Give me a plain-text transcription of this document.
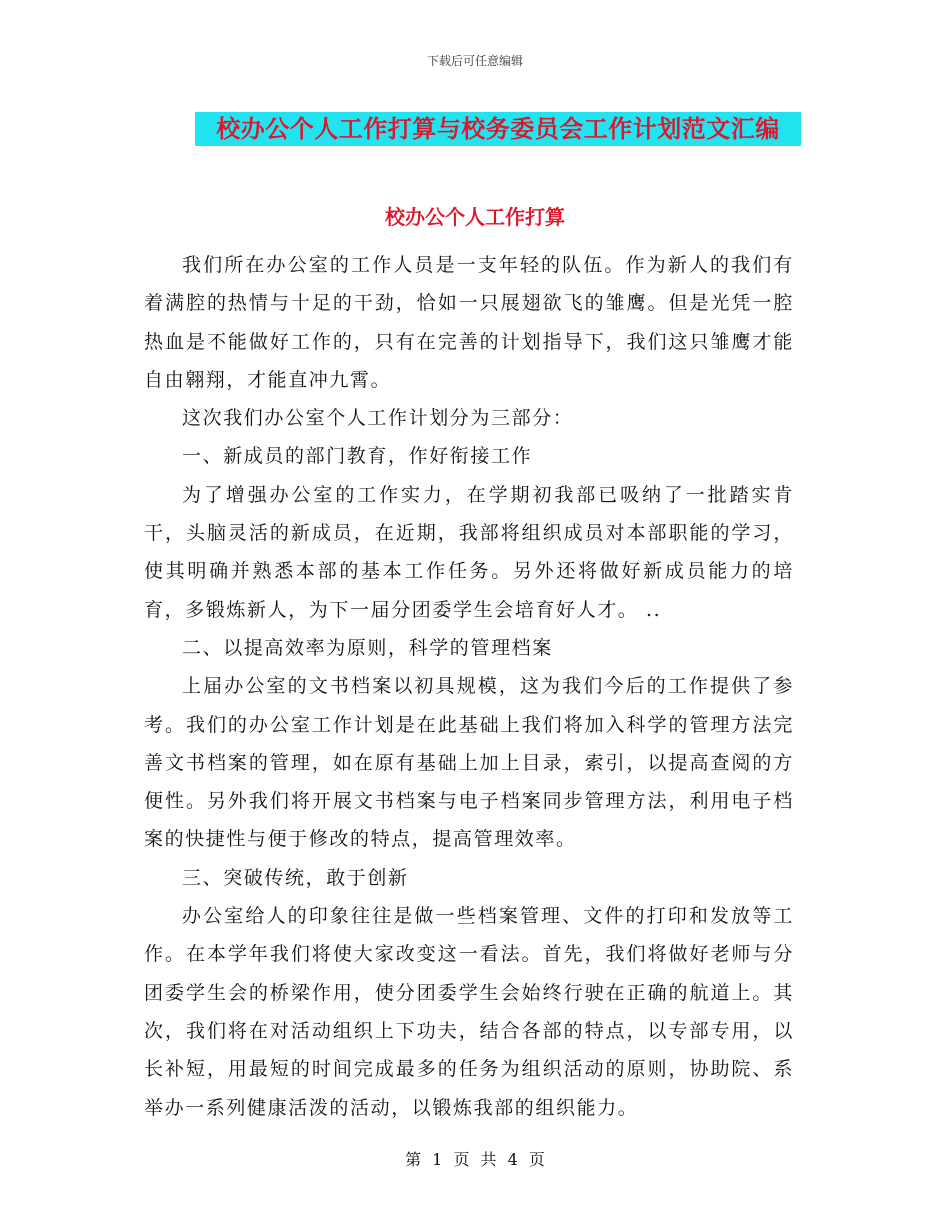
下载后可任意编辑
校办公个人工作打算与校务委员会工作计划范文汇编
校办公个人工作打算

我们所在办公室的工作人员是一支年轻的队伍。作为新人的我们有着满腔的热情与十足的干劲，恰如一只展翅欲飞的雏鹰。但是光凭一腔热血是不能做好工作的，只有在完善的计划指导下，我们这只雏鹰才能自由翱翔，才能直冲九霄。

这次我们办公室个人工作计划分为三部分：

一、新成员的部门教育，作好衔接工作

为了增强办公室的工作实力，在学期初我部已吸纳了一批踏实肯干，头脑灵活的新成员，在近期，我部将组织成员对本部职能的学习，使其明确并熟悉本部的基本工作任务。另外还将做好新成员能力的培育，多锻炼新人，为下一届分团委学生会培育好人才。 ..

二、以提高效率为原则，科学的管理档案

上届办公室的文书档案以初具规模，这为我们今后的工作提供了参考。我们的办公室工作计划是在此基础上我们将加入科学的管理方法完善文书档案的管理，如在原有基础上加上目录，索引，以提高查阅的方便性。另外我们将开展文书档案与电子档案同步管理方法，利用电子档案的快捷性与便于修改的特点，提高管理效率。

三、突破传统，敢于创新

办公室给人的印象往往是做一些档案管理、文件的打印和发放等工作。在本学年我们将使大家改变这一看法。首先，我们将做好老师与分团委学生会的桥梁作用，使分团委学生会始终行驶在正确的航道上。其次，我们将在对活动组织上下功夫，结合各部的特点，以专部专用，以长补短，用最短的时间完成最多的任务为组织活动的原则，协助院、系举办一系列健康活泼的活动，以锻炼我部的组织能力。

第 1 页 共 4 页
